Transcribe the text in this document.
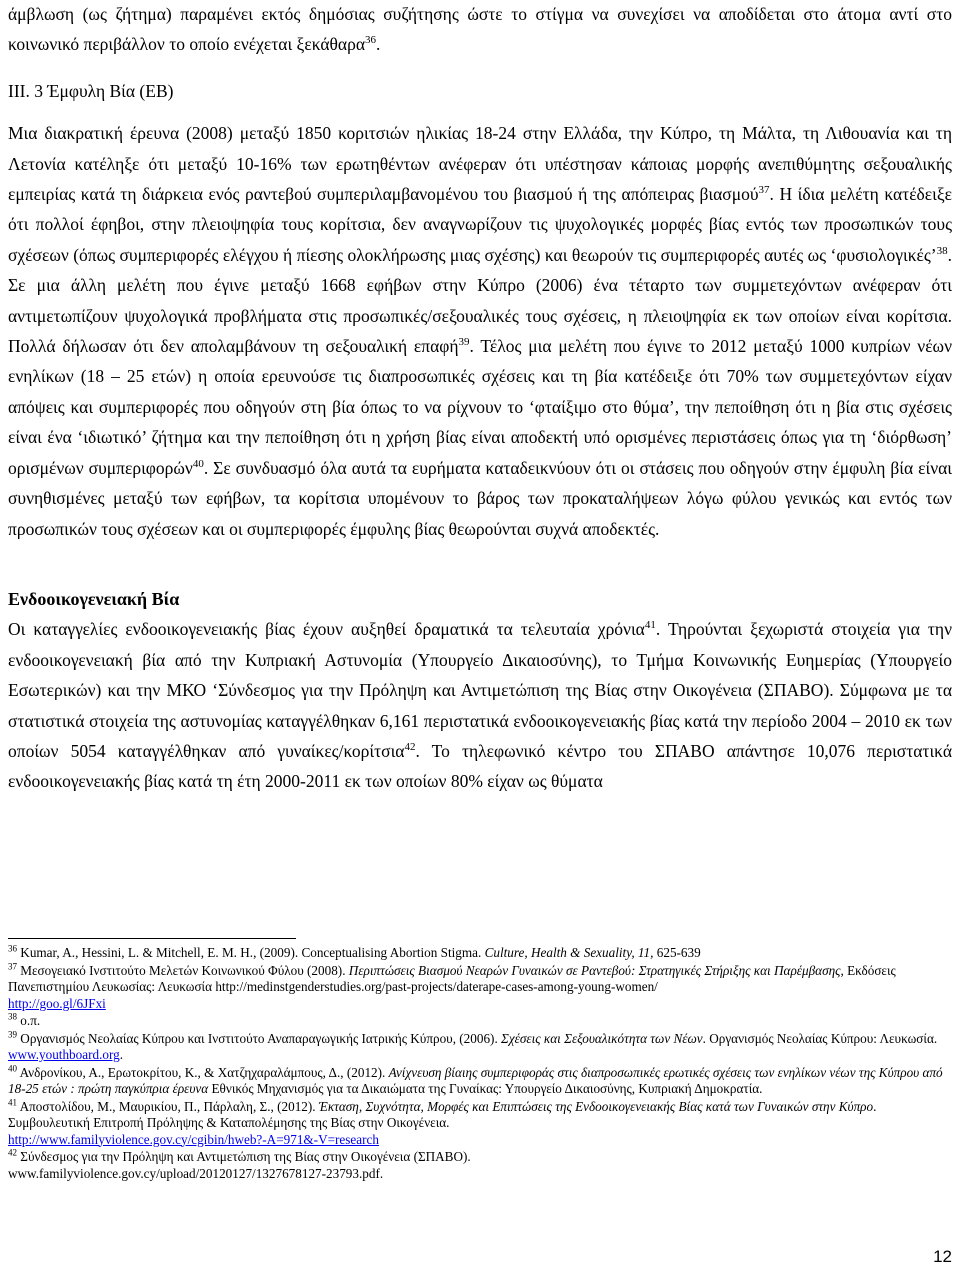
άμβλωση (ως ζήτημα) παραμένει εκτός δημόσιας συζήτησης ώστε το στίγμα να συνεχίσει να αποδίδεται στο άτομα αντί στο κοινωνικό περιβάλλον το οποίο ενέχεται ξεκάθαρα$^{36}$.

III. 3 Έμφυλη Βία (ΕΒ)

Μια διακρατική έρευνα (2008) μεταξύ 1850 κοριτσιών ηλικίας 18-24 στην Ελλάδα, την Κύπρο, τη Μάλτα, τη Λιθουανία και τη Λετονία κατέληξε ότι μεταξύ 10-16% των ερωτηθέντων ανέφεραν ότι υπέστησαν κάποιας μορφής ανεπιθύμητης σεξουαλικής εμπειρίας κατά τη διάρκεια ενός ραντεβού συμπεριλαμβανομένου του βιασμού ή της απόπειρας βιασμού$^{37}$. Η ίδια μελέτη κατέδειξε ότι πολλοί έφηβοι, στην πλειοψηφία τους κορίτσια, δεν αναγνωρίζουν τις ψυχολογικές μορφές βίας εντός των προσωπικών τους σχέσεων (όπως συμπεριφορές ελέγχου ή πίεσης ολοκλήρωσης μιας σχέσης) και θεωρούν τις συμπεριφορές αυτές ως ‘φυσιολογικές’$^{38}$. Σε μια άλλη μελέτη που έγινε μεταξύ 1668 εφήβων στην Κύπρο (2006) ένα τέταρτο των συμμετεχόντων ανέφεραν ότι αντιμετωπίζουν ψυχολογικά προβλήματα στις προσωπικές/σεξουαλικές τους σχέσεις, η πλειοψηφία εκ των οποίων είναι κορίτσια. Πολλά δήλωσαν ότι δεν απολαμβάνουν τη σεξουαλική επαφή$^{39}$. Τέλος μια μελέτη που έγινε το 2012 μεταξύ 1000 κυπρίων νέων ενηλίκων (18 – 25 ετών) η οποία ερευνούσε τις διαπροσωπικές σχέσεις και τη βία κατέδειξε ότι 70% των συμμετεχόντων είχαν απόψεις και συμπεριφορές που οδηγούν στη βία όπως το να ρίχνουν το ‘φταίξιμο στο θύμα’, την πεποίθηση ότι η βία στις σχέσεις είναι ένα ‘ιδιωτικό’ ζήτημα και την πεποίθηση ότι η χρήση βίας είναι αποδεκτή υπό ορισμένες περιστάσεις όπως για τη ‘διόρθωση’ ορισμένων συμπεριφορών$^{40}$. Σε συνδυασμό όλα αυτά τα ευρήματα καταδεικνύουν ότι οι στάσεις που οδηγούν στην έμφυλη βία είναι συνηθισμένες μεταξύ των εφήβων, τα κορίτσια υπομένουν το βάρος των προκαταλήψεων λόγω φύλου γενικώς και εντός των προσωπικών τους σχέσεων και οι συμπεριφορές έμφυλης βίας θεωρούνται συχνά αποδεκτές.

Ενδοοικογενειακή Βία

Οι καταγγελίες ενδοοικογενειακής βίας έχουν αυξηθεί δραματικά τα τελευταία χρόνια$^{41}$. Τηρούνται ξεχωριστά στοιχεία για την ενδοοικογενειακή βία από την Κυπριακή Αστυνομία (Υπουργείο Δικαιοσύνης), το Τμήμα Κοινωνικής Ευημερίας (Υπουργείο Εσωτερικών) και την ΜΚΟ ‘Σύνδεσμος για την Πρόληψη και Αντιμετώπιση της Βίας στην Οικογένεια (ΣΠΑΒΟ). Σύμφωνα με τα στατιστικά στοιχεία της αστυνομίας καταγγέλθηκαν 6,161 περιστατικά ενδοοικογενειακής βίας κατά την περίοδο 2004 – 2010 εκ των οποίων 5054 καταγγέλθηκαν από γυναίκες/κορίτσια$^{42}$. Το τηλεφωνικό κέντρο του ΣΠΑΒΟ απάντησε 10,076 περιστατικά ενδοοικογενειακής βίας κατά τη έτη 2000-2011 εκ των οποίων 80% είχαν ως θύματα

$^{36}$ Kumar, A., Hessini, L. & Mitchell, E. M. H., (2009). Conceptualising Abortion Stigma. Culture, Health & Sexuality, 11, 625-639

$^{37}$ Μεσογειακό Ινστιτούτο Μελετών Κοινωνικού Φύλου (2008). Περιπτώσεις Βιασμού Νεαρών Γυναικών σε Ραντεβού: Στρατηγικές Στήριξης και Παρέμβασης, Εκδόσεις Πανεπιστημίου Λευκωσίας: Λευκωσία http://medinstgenderstudies.org/past-projects/daterape-cases-among-young-women/
http://goo.gl/6JFxi

$^{38}$ ο.π.

$^{39}$ Οργανισμός Νεολαίας Κύπρου και Ινστιτούτο Αναπαραγωγικής Ιατρικής Κύπρου, (2006). Σχέσεις και Σεξουαλικότητα των Νέων. Οργανισμός Νεολαίας Κύπρου: Λευκωσία. www.youthboard.org.

$^{40}$ Ανδρονίκου, Α., Ερωτοκρίτου, Κ., & Χατζηχαραλάμπους, Δ., (2012). Ανίχνευση βίαιης συμπεριφοράς στις διαπροσωπικές ερωτικές σχέσεις των ενηλίκων νέων της Κύπρου από 18-25 ετών : πρώτη παγκύπρια έρευνα Εθνικός Μηχανισμός για τα Δικαιώματα της Γυναίκας: Υπουργείο Δικαιοσύνης, Κυπριακή Δημοκρατία.

$^{41}$ Αποστολίδου, Μ., Μαυρικίου, Π., Πάρλαλη, Σ., (2012). Έκταση, Συχνότητα, Μορφές και Επιπτώσεις της Ενδοοικογενειακής Βίας κατά των Γυναικών στην Κύπρο. Συμβουλευτική Επιτροπή Πρόληψης & Καταπολέμησης της Βίας στην Οικογένεια.
http://www.familyviolence.gov.cy/cgibin/hweb?-A=971&-V=research

$^{42}$ Σύνδεσμος για την Πρόληψη και Αντιμετώπιση της Βίας στην Οικογένεια (ΣΠΑΒΟ).
www.familyviolence.gov.cy/upload/20120127/1327678127-23793.pdf.

12
